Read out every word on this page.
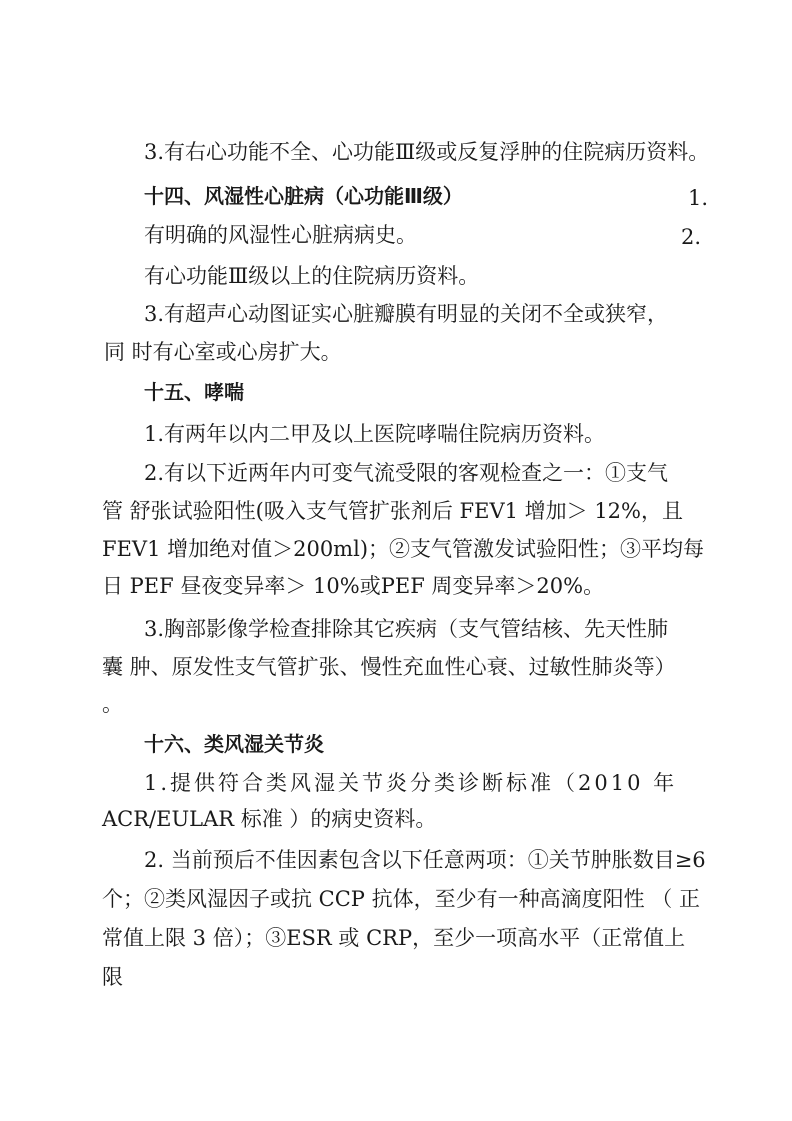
3.有右心功能不全、心功能Ⅲ级或反复浮肿的住院病历资料。
十四、风湿性心脏病（心功能Ⅲ级）	1.
有明确的风湿性心脏病病史。	2.
有心功能Ⅲ级以上的住院病历资料。
3.有超声心动图证实心脏瓣膜有明显的关闭不全或狭窄，
同 时有心室或心房扩大。
十五、哮喘
1.有两年以内二甲及以上医院哮喘住院病历资料。
2.有以下近两年内可变气流受限的客观检查之一：①支气
管 舒张试验阳性(吸入支气管扩张剂后 FEV1 增加＞ 12%，且
FEV1 增加绝对值＞200ml)；②支气管激发试验阳性；③平均每
日 PEF 昼夜变异率＞ 10%或PEF 周变异率＞20%。
3.胸部影像学检查排除其它疾病（支气管结核、先天性肺
囊 肿、原发性支气管扩张、慢性充血性心衰、过敏性肺炎等）
。
十六、类风湿关节炎
1.提供符合类风湿关节炎分类诊断标准（2010 年
ACR/EULAR 标准 ）的病史资料。
2. 当前预后不佳因素包含以下任意两项：①关节肿胀数目≥6
个；②类风湿因子或抗 CCP 抗体，至少有一种高滴度阳性 （ 正
常值上限 3 倍）；③ESR 或 CRP，至少一项高水平（正常值上
限
